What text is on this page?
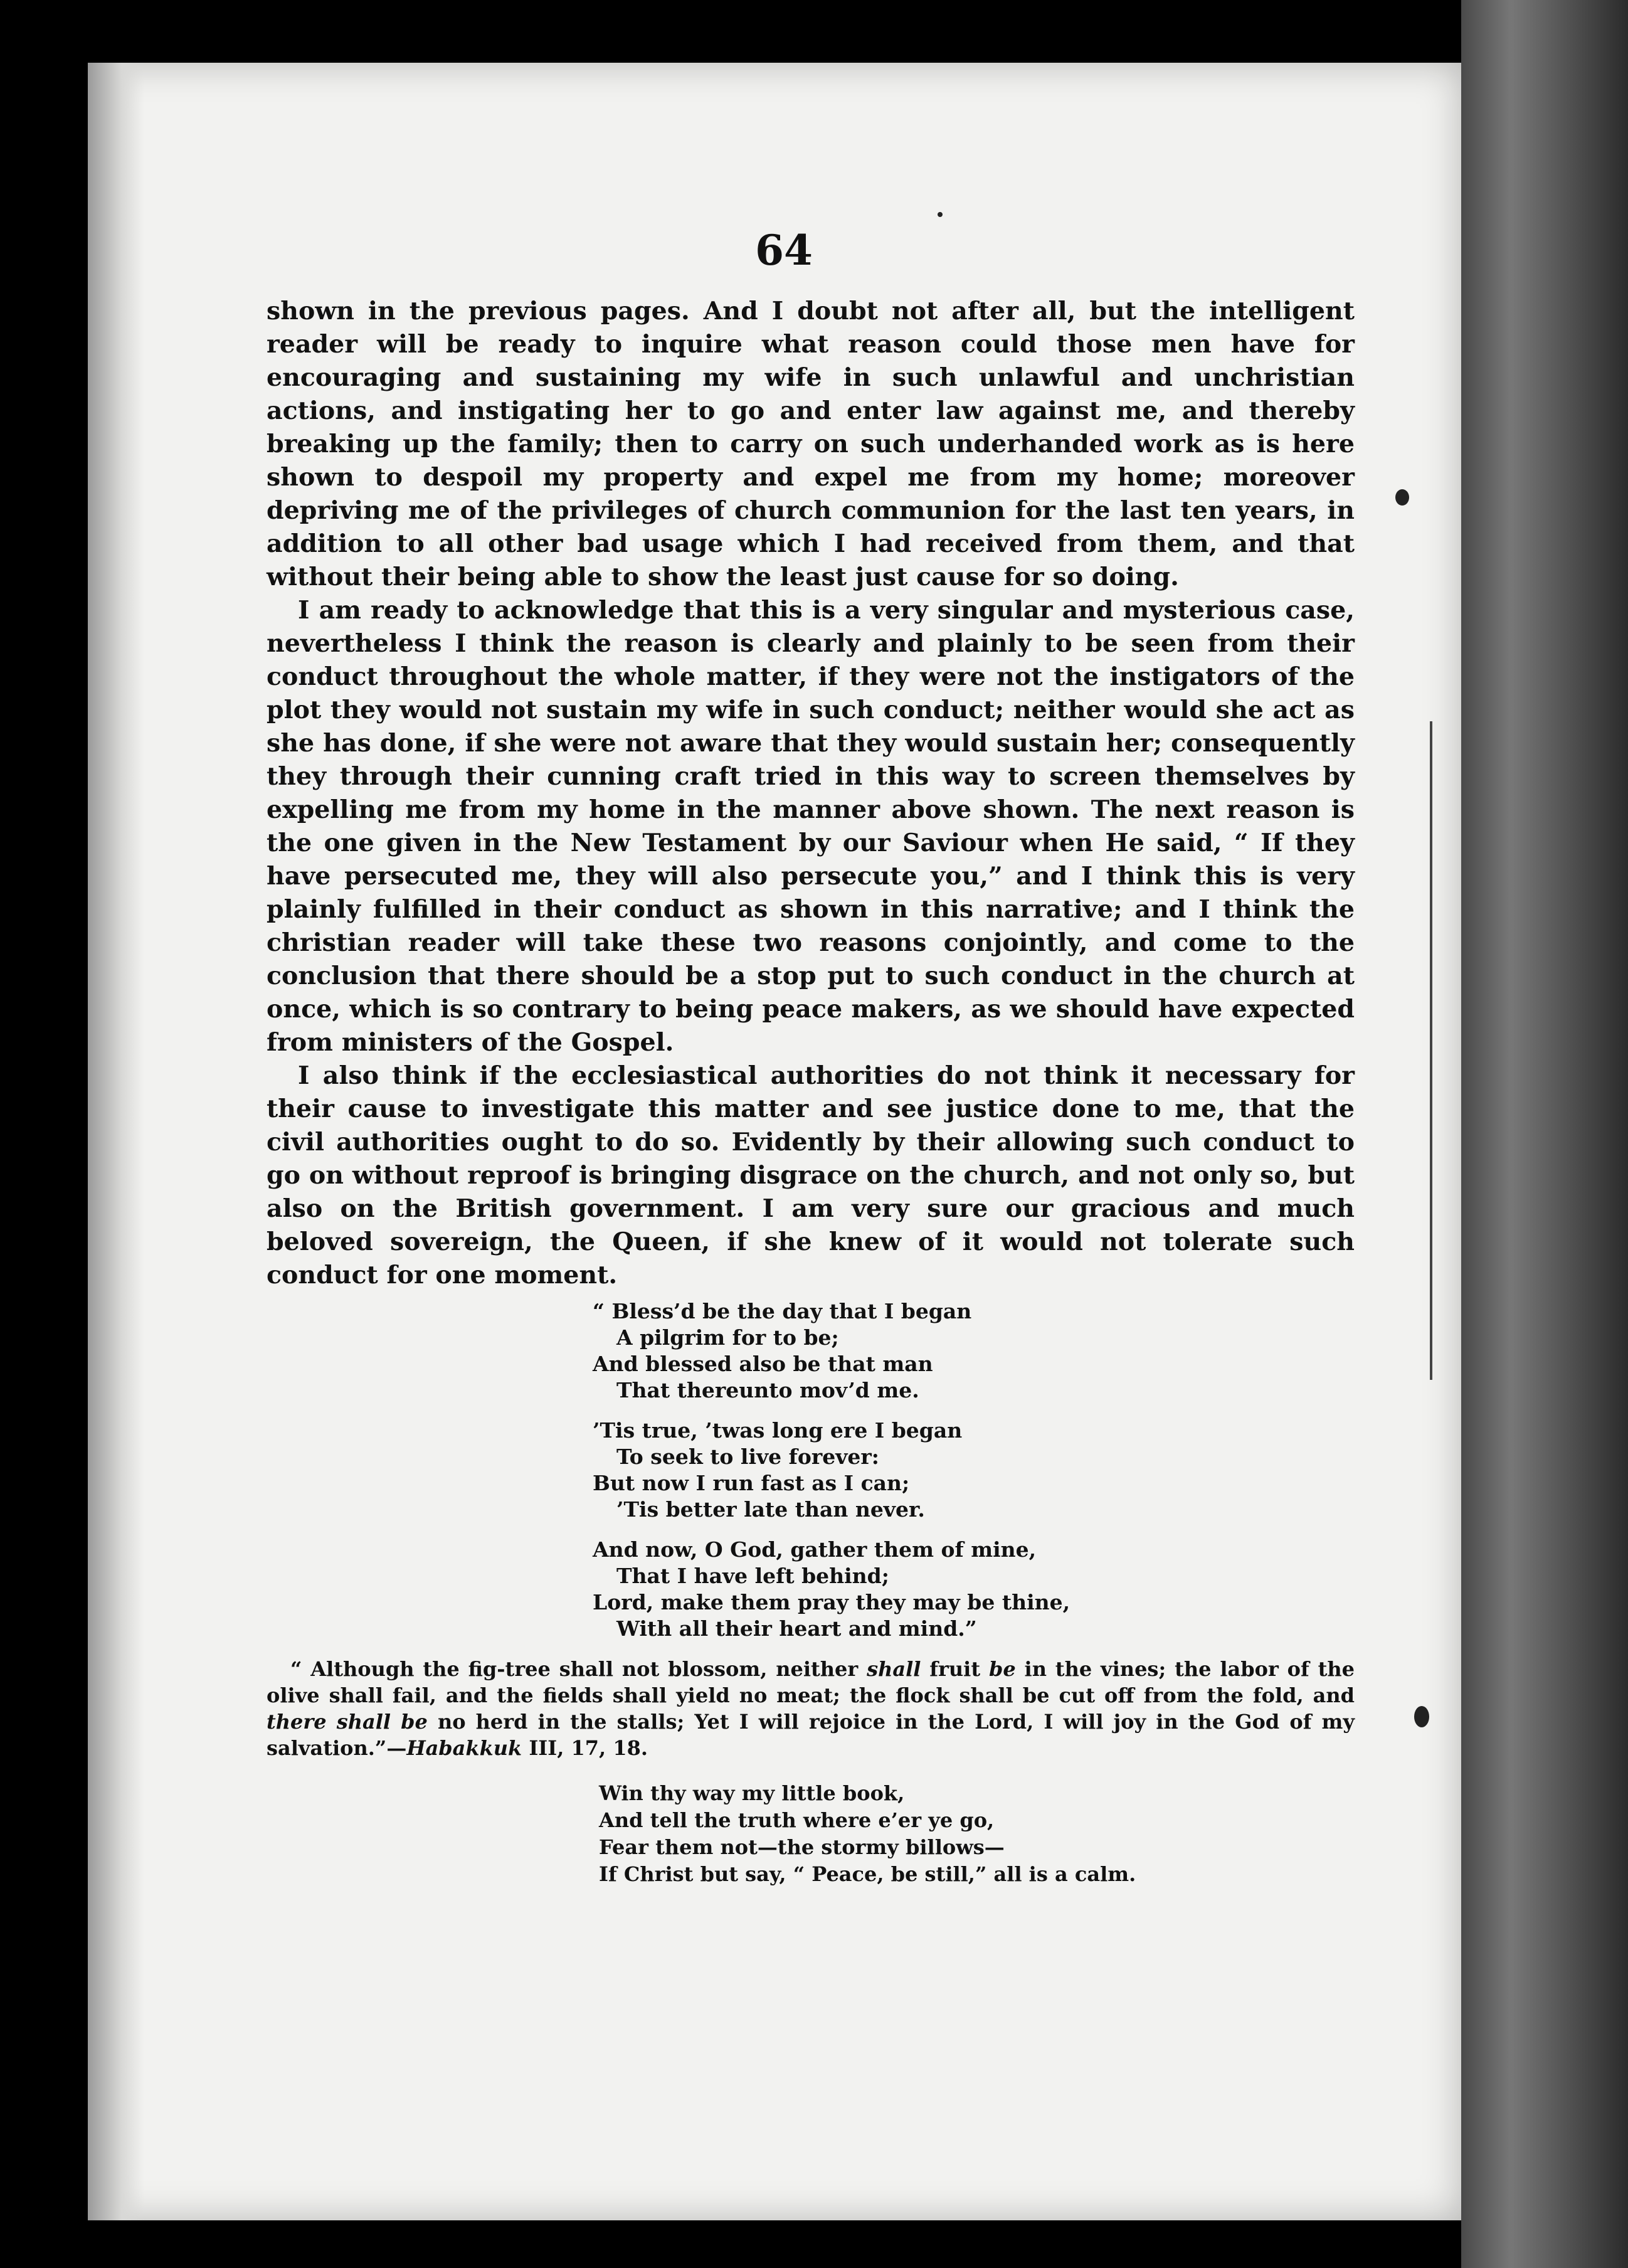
64

shown in the previous pages. And I doubt not after all, but the intelligent reader will be ready to inquire what reason could those men have for encouraging and sustaining my wife in such unlawful and unchristian actions, and instigating her to go and enter law against me, and thereby breaking up the family; then to carry on such underhanded work as is here shown to despoil my property and expel me from my home; moreover depriving me of the privileges of church communion for the last ten years, in addition to all other bad usage which I had received from them, and that without their being able to show the least just cause for so doing.

I am ready to acknowledge that this is a very singular and mysterious case, nevertheless I think the reason is clearly and plainly to be seen from their conduct throughout the whole matter, if they were not the instigators of the plot they would not sustain my wife in such conduct; neither would she act as she has done, if she were not aware that they would sustain her; consequently they through their cunning craft tried in this way to screen themselves by expelling me from my home in the manner above shown. The next reason is the one given in the New Testament by our Saviour when He said, “ If they have persecuted me, they will also persecute you,” and I think this is very plainly fulfilled in their conduct as shown in this narrative; and I think the christian reader will take these two reasons conjointly, and come to the conclusion that there should be a stop put to such conduct in the church at once, which is so contrary to being peace makers, as we should have expected from ministers of the Gospel.

I also think if the ecclesiastical authorities do not think it necessary for their cause to investigate this matter and see justice done to me, that the civil authorities ought to do so. Evidently by their allowing such conduct to go on without reproof is bringing disgrace on the church, and not only so, but also on the British government. I am very sure our gracious and much beloved sovereign, the Queen, if she knew of it would not tolerate such conduct for one moment.

“ Bless’d be the day that I began
A pilgrim for to be;
And blessed also be that man
That thereunto mov’d me.
’Tis true, ’twas long ere I began
To seek to live forever:
But now I run fast as I can;
’Tis better late than never.
And now, O God, gather them of mine,
That I have left behind;
Lord, make them pray they may be thine,
With all their heart and mind.”

“ Although the fig-tree shall not blossom, neither shall fruit be in the vines; the labor of the olive shall fail, and the fields shall yield no meat; the flock shall be cut off from the fold, and there shall be no herd in the stalls; Yet I will rejoice in the Lord, I will joy in the God of my salvation.”—Habakkuk III, 17, 18.

Win thy way my little book,
And tell the truth where e’er ye go,
Fear them not—the stormy billows—
If Christ but say, “ Peace, be still,” all is a calm.
